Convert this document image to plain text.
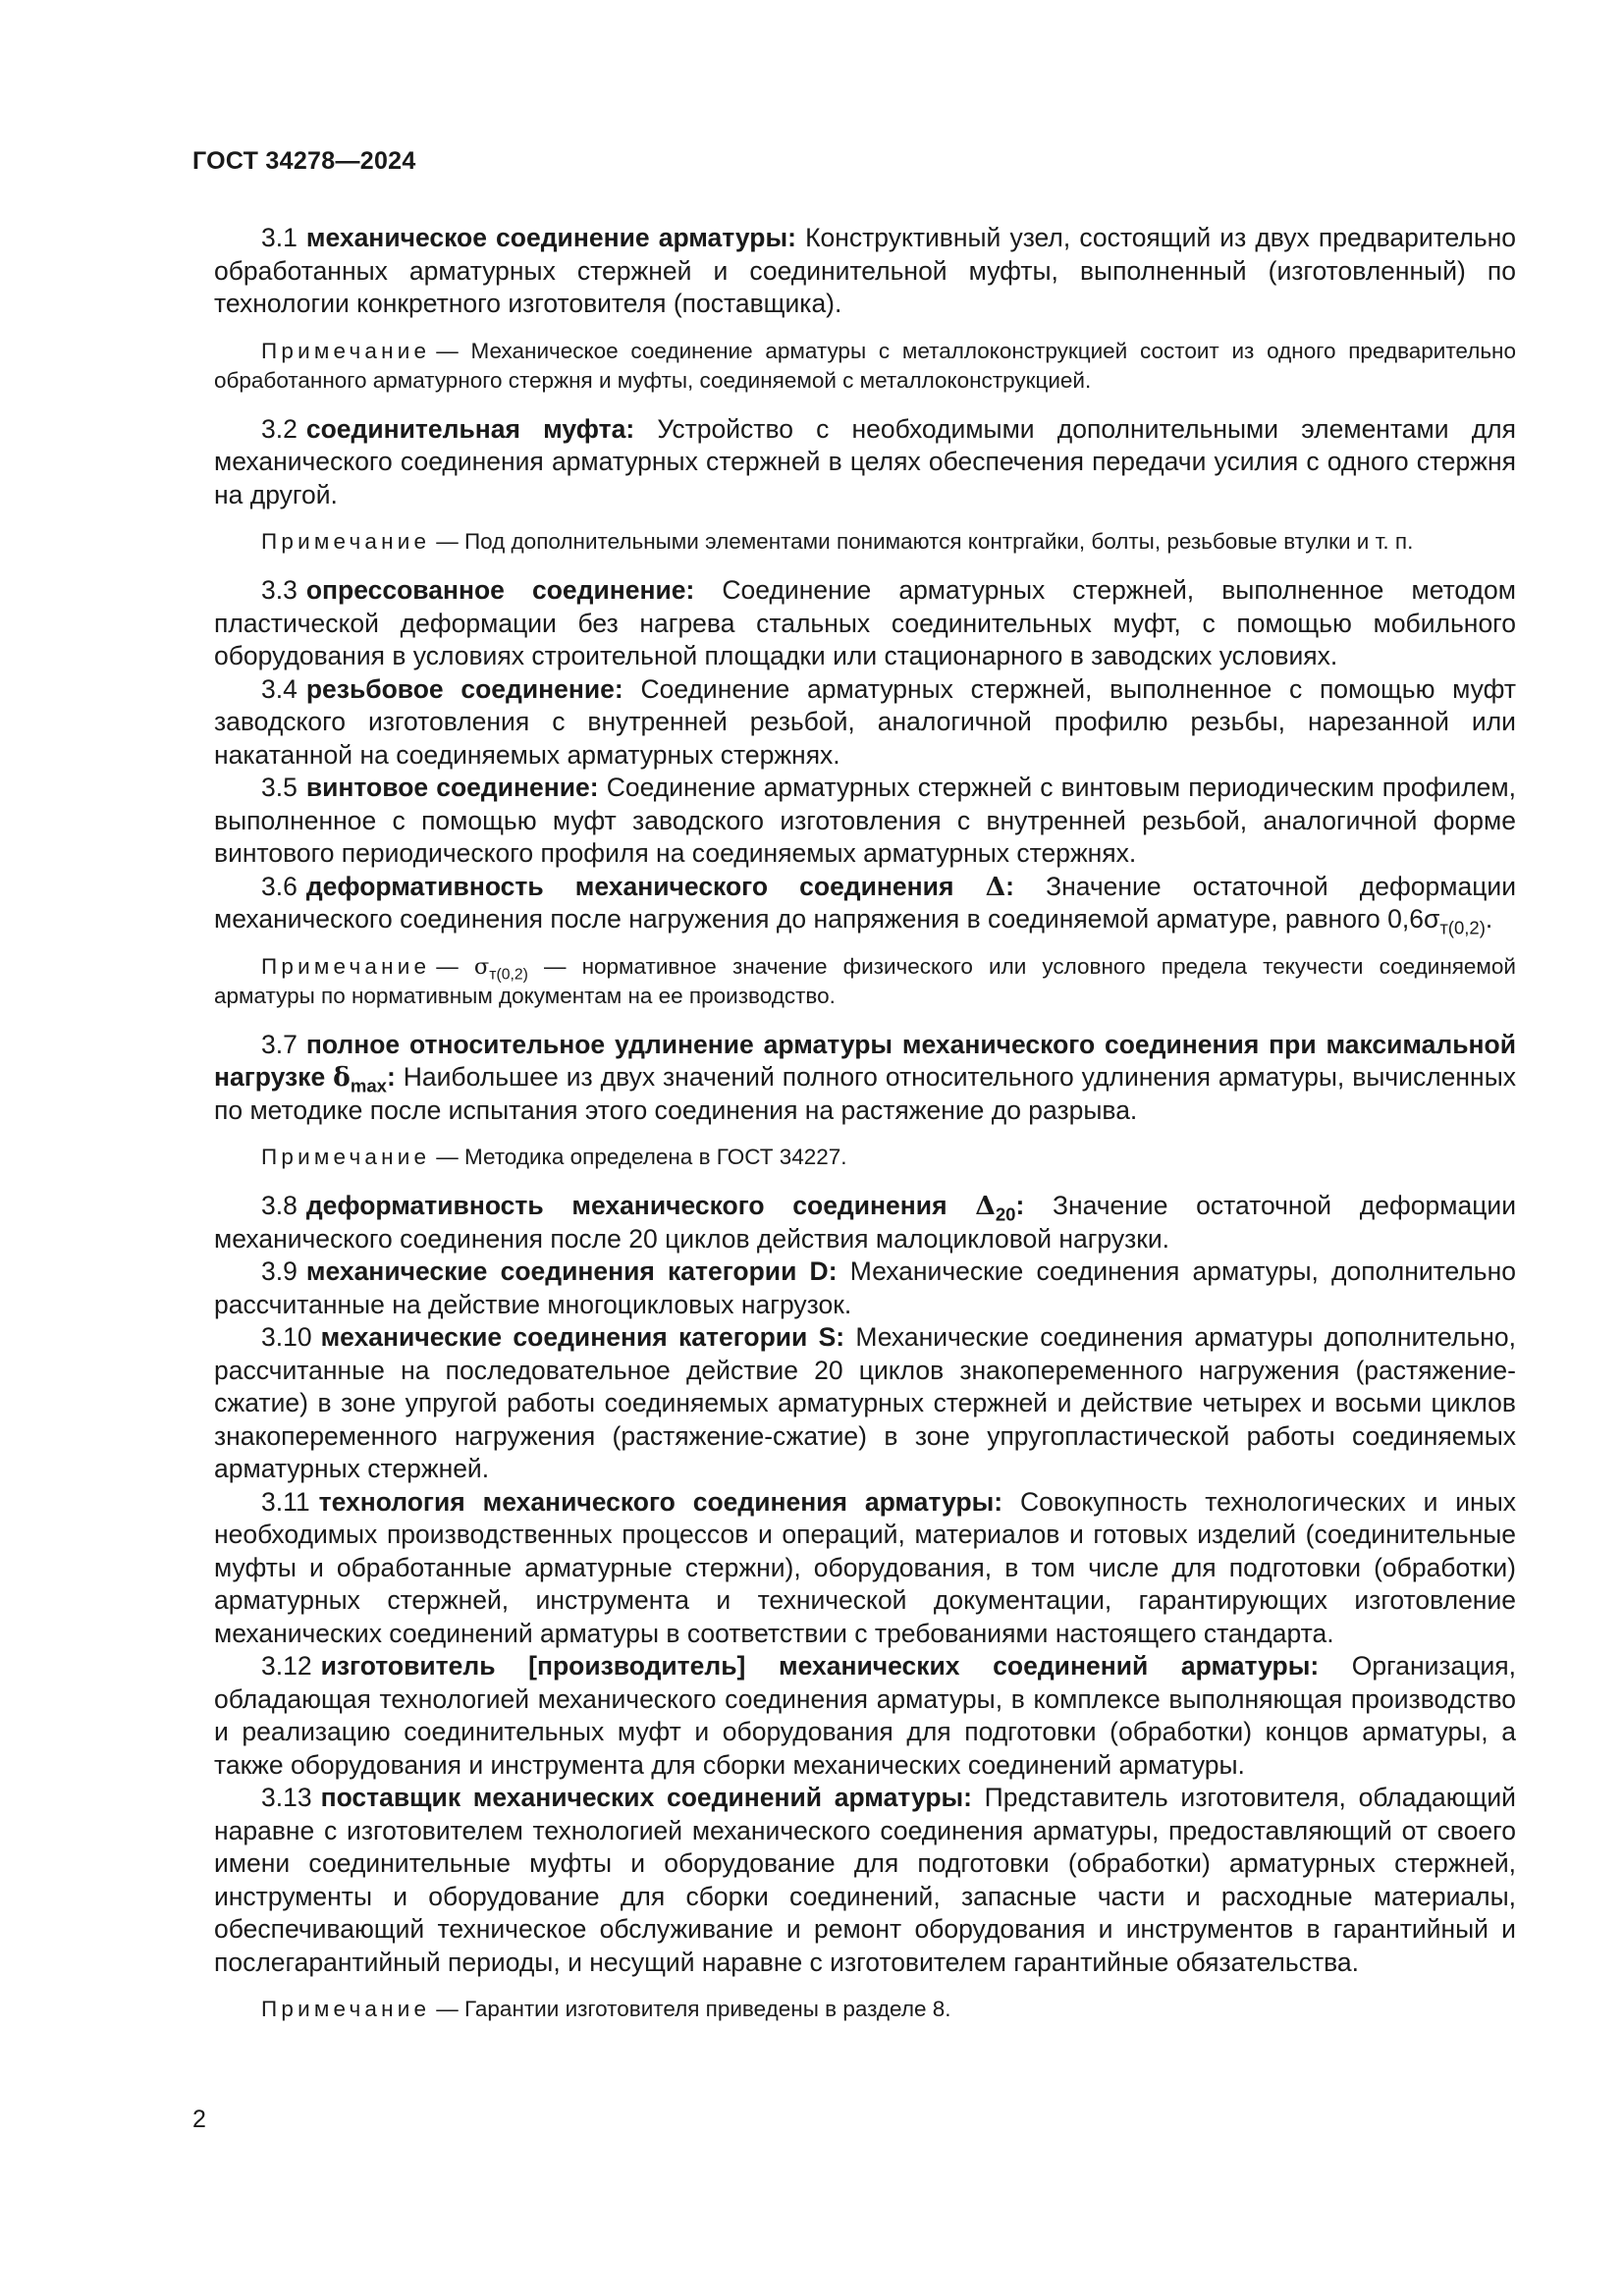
ГОСТ 34278—2024

3.1 механическое соединение арматуры: Конструктивный узел, состоящий из двух предварительно обработанных арматурных стержней и соединительной муфты, выполненный (изготовленный) по технологии конкретного изготовителя (поставщика).

Примечание — Механическое соединение арматуры с металлоконструкцией состоит из одного предварительно обработанного арматурного стержня и муфты, соединяемой с металлоконструкцией.

3.2 соединительная муфта: Устройство с необходимыми дополнительными элементами для механического соединения арматурных стержней в целях обеспечения передачи усилия с одного стержня на другой.

Примечание — Под дополнительными элементами понимаются контргайки, болты, резьбовые втулки и т. п.

3.3 опрессованное соединение: Соединение арматурных стержней, выполненное методом пластической деформации без нагрева стальных соединительных муфт, с помощью мобильного оборудования в условиях строительной площадки или стационарного в заводских условиях.

3.4 резьбовое соединение: Соединение арматурных стержней, выполненное с помощью муфт заводского изготовления с внутренней резьбой, аналогичной профилю резьбы, нарезанной или накатанной на соединяемых арматурных стержнях.

3.5 винтовое соединение: Соединение арматурных стержней с винтовым периодическим профилем, выполненное с помощью муфт заводского изготовления с внутренней резьбой, аналогичной форме винтового периодического профиля на соединяемых арматурных стержнях.

3.6 деформативность механического соединения Δ: Значение остаточной деформации механического соединения после нагружения до напряжения в соединяемой арматуре, равного $0,6\sigma_{т(0,2)}$.

Примечание — $\sigma_{т(0,2)}$ — нормативное значение физического или условного предела текучести соединяемой арматуры по нормативным документам на ее производство.

3.7 полное относительное удлинение арматуры механического соединения при максимальной нагрузке $\delta_{max}$: Наибольшее из двух значений полного относительного удлинения арматуры, вычисленных по методике после испытания этого соединения на растяжение до разрыва.

Примечание — Методика определена в ГОСТ 34227.

3.8 деформативность механического соединения $\Delta_{20}$: Значение остаточной деформации механического соединения после 20 циклов действия малоцикловой нагрузки.

3.9 механические соединения категории D: Механические соединения арматуры, дополнительно рассчитанные на действие многоцикловых нагрузок.

3.10 механические соединения категории S: Механические соединения арматуры дополнительно, рассчитанные на последовательное действие 20 циклов знакопеременного нагружения (растяжение-сжатие) в зоне упругой работы соединяемых арматурных стержней и действие четырех и восьми циклов знакопеременного нагружения (растяжение-сжатие) в зоне упругопластической работы соединяемых арматурных стержней.

3.11 технология механического соединения арматуры: Совокупность технологических и иных необходимых производственных процессов и операций, материалов и готовых изделий (соединительные муфты и обработанные арматурные стержни), оборудования, в том числе для подготовки (обработки) арматурных стержней, инструмента и технической документации, гарантирующих изготовление механических соединений арматуры в соответствии с требованиями настоящего стандарта.

3.12 изготовитель [производитель] механических соединений арматуры: Организация, обладающая технологией механического соединения арматуры, в комплексе выполняющая производство и реализацию соединительных муфт и оборудования для подготовки (обработки) концов арматуры, а также оборудования и инструмента для сборки механических соединений арматуры.

3.13 поставщик механических соединений арматуры: Представитель изготовителя, обладающий наравне с изготовителем технологией механического соединения арматуры, предоставляющий от своего имени соединительные муфты и оборудование для подготовки (обработки) арматурных стержней, инструменты и оборудование для сборки соединений, запасные части и расходные материалы, обеспечивающий техническое обслуживание и ремонт оборудования и инструментов в гарантийный и послегарантийный периоды, и несущий наравне с изготовителем гарантийные обязательства.

Примечание — Гарантии изготовителя приведены в разделе 8.

2
